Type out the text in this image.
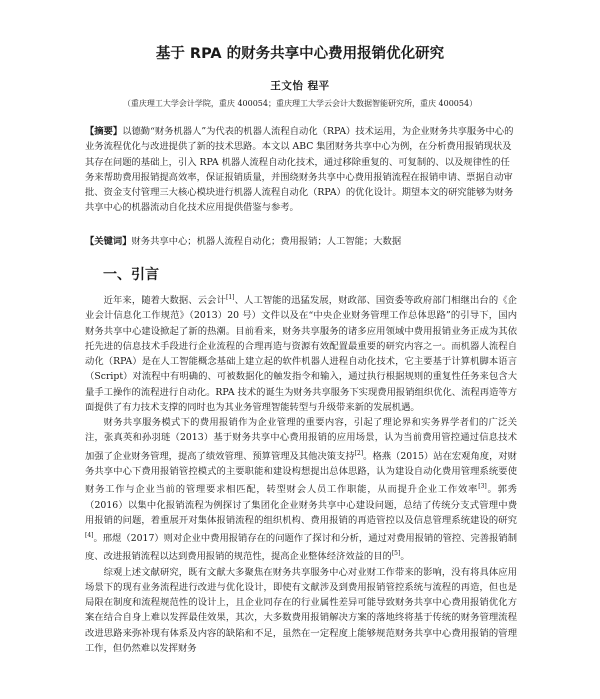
基于 RPA 的财务共享中心费用报销优化研究
王文怡 程平
（重庆理工大学会计学院，重庆 400054；重庆理工大学云会计大数据智能研究所，重庆 400054）
【摘要】以德勤“财务机器人”为代表的机器人流程自动化（RPA）技术运用，为企业财务共享服务中心的业务流程优化与改进提供了新的技术思路。本文以 ABC 集团财务共享中心为例，在分析费用报销现状及其存在问题的基础上，引入 RPA 机器人流程自动化技术，通过移除重复的、可复制的、以及规律性的任务来帮助费用报销提高效率，保证报销质量，并围绕财务共享中心费用报销流程在报销申请、票据自动审批、资金支付管理三大核心模块进行机器人流程自动化（RPA）的优化设计。期望本文的研究能够为财务共享中心的机器流动自化技术应用提供借鉴与参考。
【关键词】财务共享中心；机器人流程自动化；费用报销；人工智能；大数据
一、引言

近年来，随着大数据、云会计[1]、人工智能的迅猛发展，财政部、国资委等政府部门相继出台的《企业会计信息化工作规范》（2013）20 号）文件以及在“中央企业财务管理工作总体思路”的引导下，国内财务共享中心建设掀起了新的热潮。目前看来，财务共享服务的诸多应用领域中费用报销业务正成为其依托先进的信息技术手段进行企业流程的合理再造与资源有效配置最重要的研究内容之一。而机器人流程自动化（RPA）是在人工智能概念基础上建立起的软件机器人进程自动化技术，它主要基于计算机脚本语言（Script）对流程中有明确的、可被数据化的触发指令和输入，通过执行根据规则的重复性任务来包含大量手工操作的流程进行自动化。RPA 技术的诞生为财务共享服务下实现费用报销组织优化、流程再造等方面提供了有力技术支撑的同时也为其业务管理智能转型与升级带来新的发展机遇。

财务共享服务模式下的费用报销作为企业管理的重要内容，引起了理论界和实务界学者们的广泛关注，张真英和孙羽琏（2013）基于财务共享中心费用报销的应用场景，认为当前费用管控通过信息技术加强了企业财务管理，提高了绩效管理、预算管理及其他决策支持[2]。格燕（2015）站在宏观角度，对财务共享中心下费用报销管控模式的主要职能和建设构想提出总体思路，认为建设自动化费用管理系统要使财务工作与企业当前的管理要求相匹配，转型财会人员工作职能，从而提升企业工作效率[3]。郭秀（2016）以集中化报销流程为例探讨了集团化企业财务共享中心建设问题，总结了传统分支式管理中费用报销的问题，着重展开对集体报销流程的组织机构、费用报销的再造管控以及信息管理系统建设的研究[4]。邢煜（2017）则对企业中费用报销存在的问题作了探讨和分析，通过对费用报销的管控、完善报销制度、改进报销流程以达到费用报销的规范性，提高企业整体经济效益的目的[5]。

综观上述文献研究，既有文献大多聚焦在财务共享服务中心对业财工作带来的影响，没有将具体应用场景下的现有业务流程进行改进与优化设计，即使有文献涉及到费用报销管控系统与流程的再造，但也是局限在制度和流程规范性的设计上，且企业同存在的行业属性差异可能导致财务共享中心费用报销优化方案在结合自身上难以发挥最佳效果，其次，大多数费用报销解决方案的落地终将基于传统的财务管理流程改进思路来弥补现有体系及内容的缺陷和不足，虽然在一定程度上能够规范财务共享中心费用报销的管理工作，但仍然难以发挥财务
